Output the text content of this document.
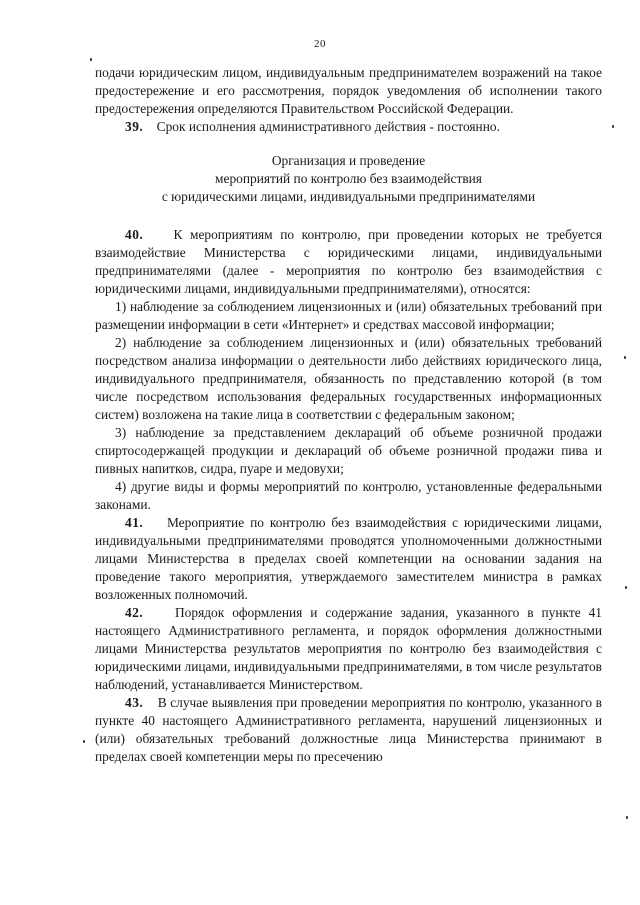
20

подачи юридическим лицом, индивидуальным предпринимателем возражений на такое предостережение и его рассмотрения, порядок уведомления об исполнении такого предостережения определяются Правительством Российской Федерации.

39. Срок исполнения административного действия - постоянно.

Организация и проведение
мероприятий по контролю без взаимодействия
с юридическими лицами, индивидуальными предпринимателями

40. К мероприятиям по контролю, при проведении которых не требуется взаимодействие Министерства с юридическими лицами, индивидуальными предпринимателями (далее - мероприятия по контролю без взаимодействия с юридическими лицами, индивидуальными предпринимателями), относятся:

1) наблюдение за соблюдением лицензионных и (или) обязательных требований при размещении информации в сети «Интернет» и средствах массовой информации;

2) наблюдение за соблюдением лицензионных и (или) обязательных требований посредством анализа информации о деятельности либо действиях юридического лица, индивидуального предпринимателя, обязанность по представлению которой (в том числе посредством использования федеральных государственных информационных систем) возложена на такие лица в соответствии с федеральным законом;

3) наблюдение за представлением деклараций об объеме розничной продажи спиртосодержащей продукции и деклараций об объеме розничной продажи пива и пивных напитков, сидра, пуаре и медовухи;

4) другие виды и формы мероприятий по контролю, установленные федеральными законами.

41. Мероприятие по контролю без взаимодействия с юридическими лицами, индивидуальными предпринимателями проводятся уполномоченными должностными лицами Министерства в пределах своей компетенции на основании задания на проведение такого мероприятия, утверждаемого заместителем министра в рамках возложенных полномочий.

42. Порядок оформления и содержание задания, указанного в пункте 41 настоящего Административного регламента, и порядок оформления должностными лицами Министерства результатов мероприятия по контролю без взаимодействия с юридическими лицами, индивидуальными предпринимателями, в том числе результатов наблюдений, устанавливается Министерством.

43. В случае выявления при проведении мероприятия по контролю, указанного в пункте 40 настоящего Административного регламента, нарушений лицензионных и (или) обязательных требований должностные лица Министерства принимают в пределах своей компетенции меры по пресечению
